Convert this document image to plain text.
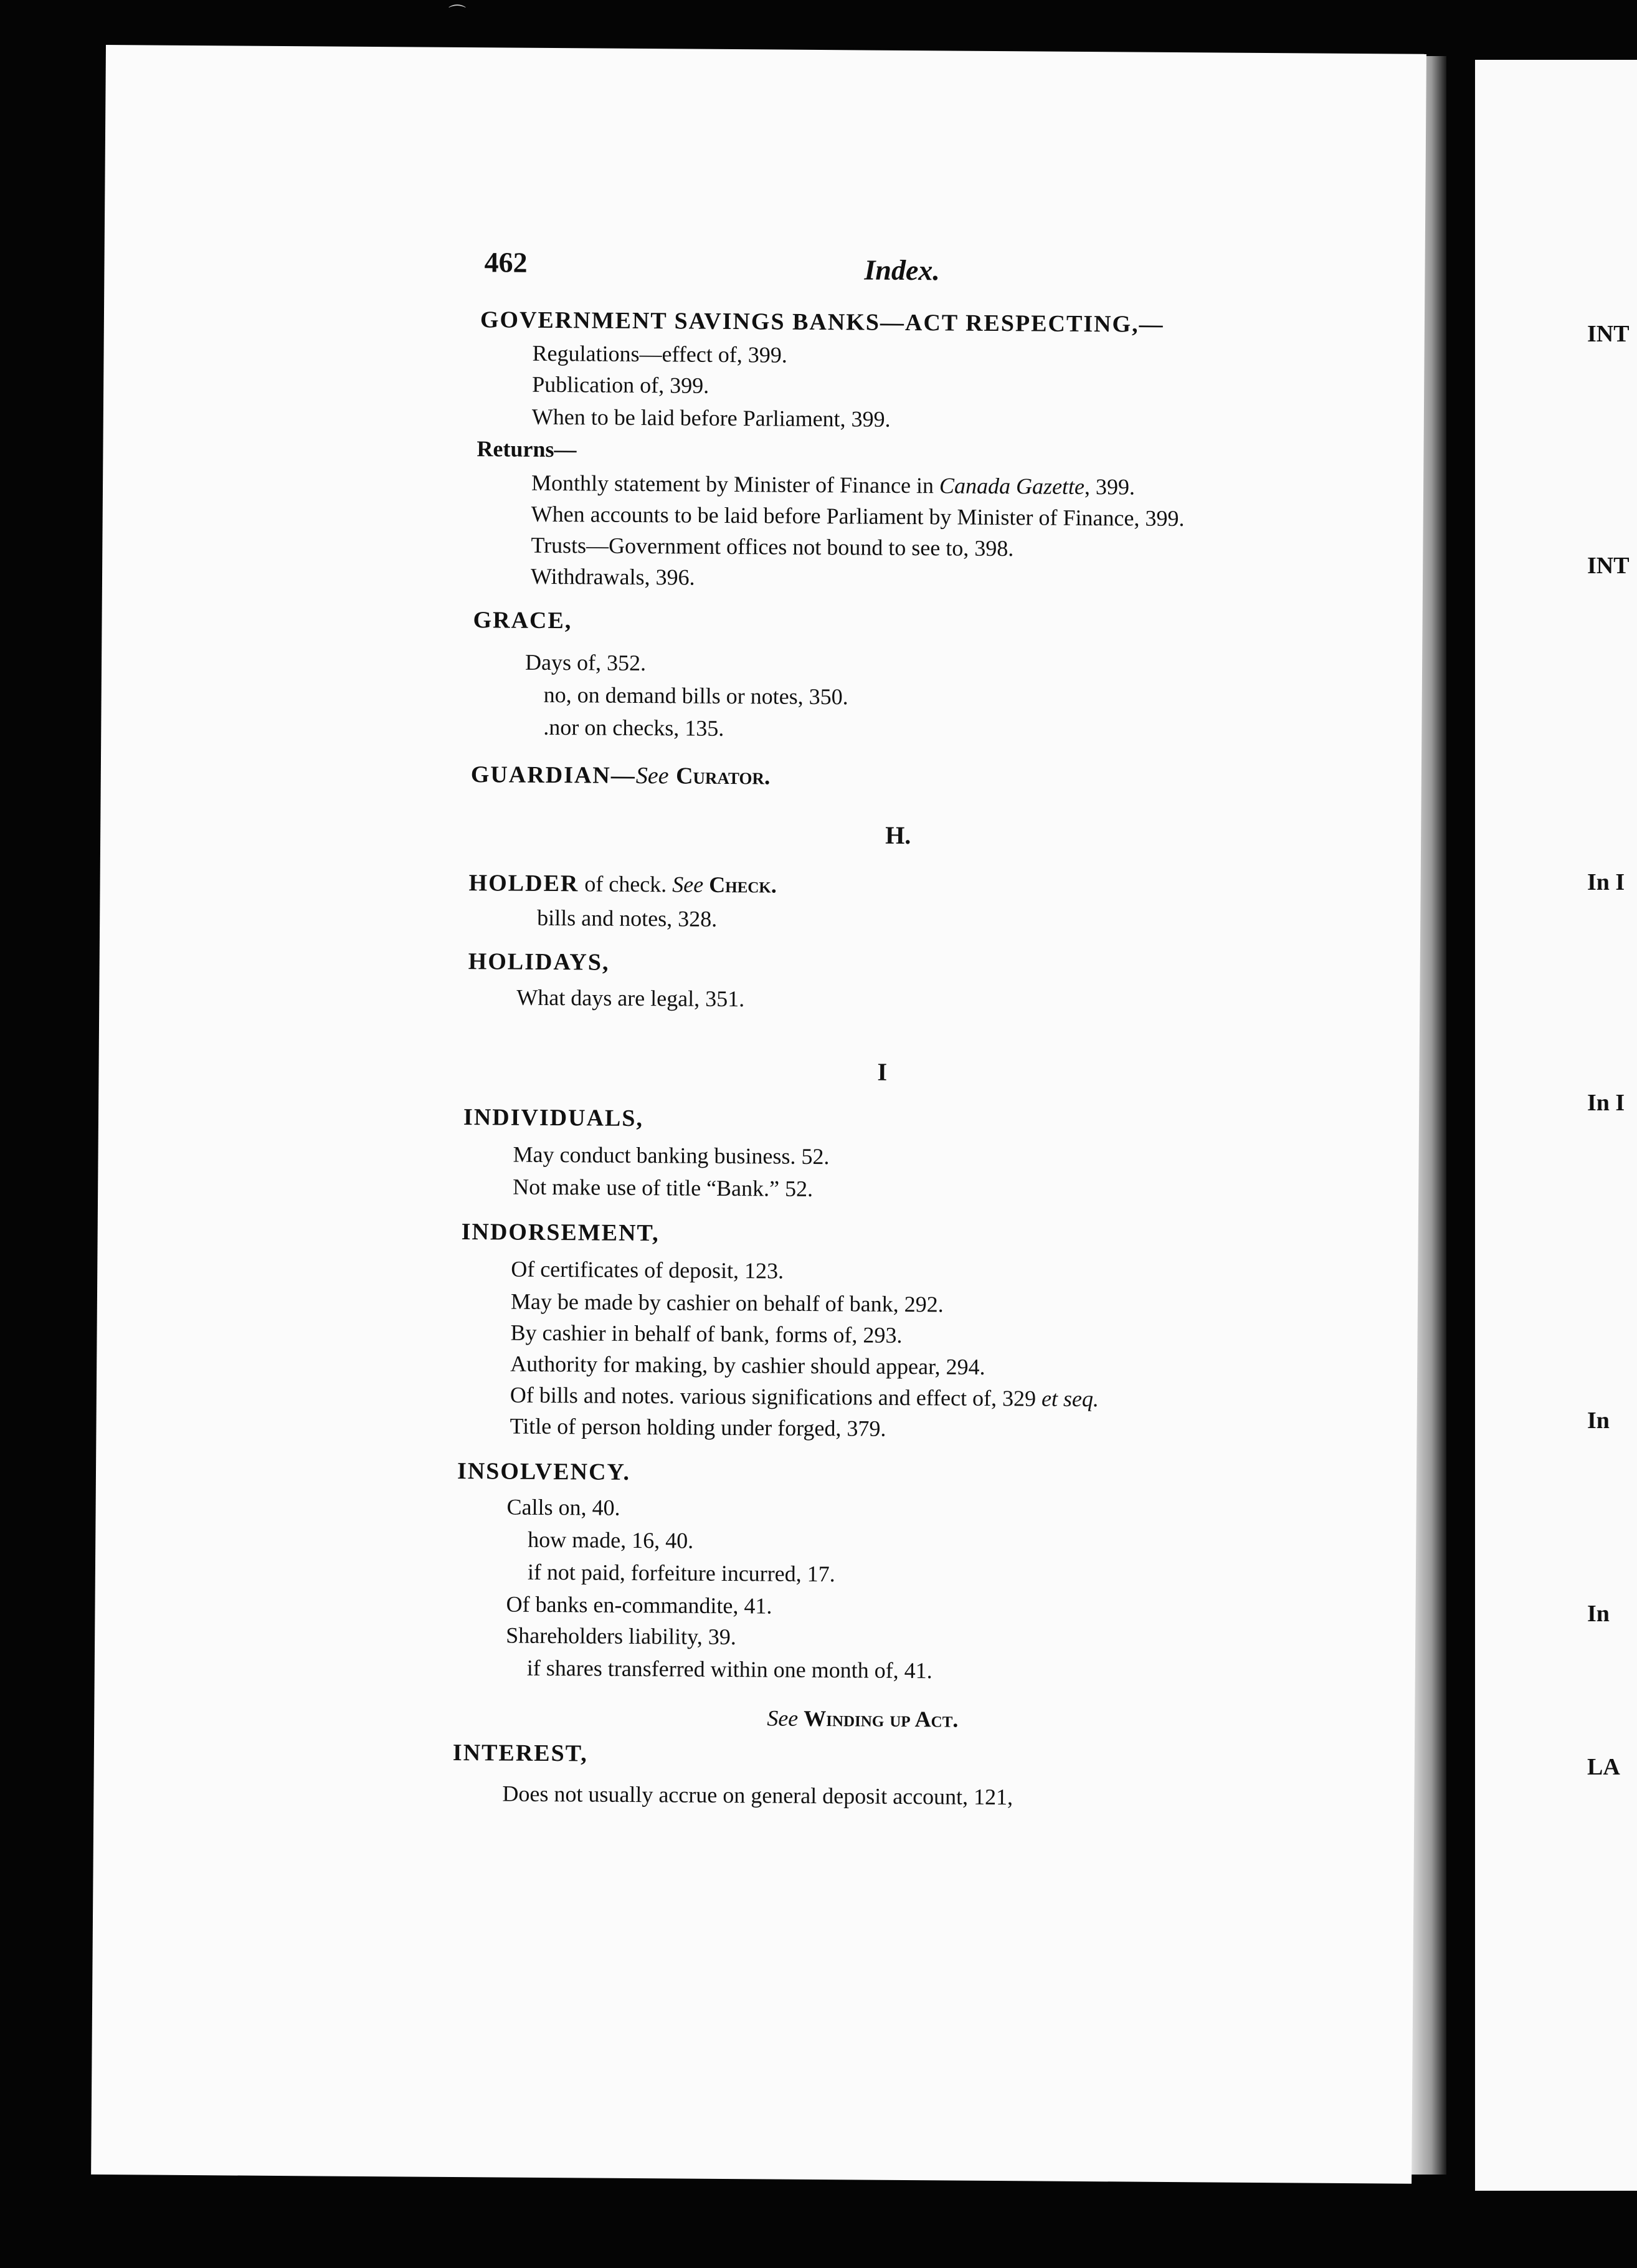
⌒
INT
INT
In I
In I
In
In
LA
462	Index.
GOVERNMENT SAVINGS BANKS—ACT RESPECTING,—
Regulations—effect of, 399.
Publication of, 399.
When to be laid before Parliament, 399.
Returns—
Monthly statement by Minister of Finance in Canada Gazette, 399.
When accounts to be laid before Parliament by Minister of Finance, 399.
Trusts—Government offices not bound to see to, 398.
Withdrawals, 396.
GRACE,
Days of, 352.
no, on demand bills or notes, 350.
.nor on checks, 135.
GUARDIAN—See Curator.
H.
HOLDER of check. See Check.
bills and notes, 328.
HOLIDAYS,
What days are legal, 351.
I
INDIVIDUALS,
May conduct banking business. 52.
Not make use of title “Bank.” 52.
INDORSEMENT,
Of certificates of deposit, 123.
May be made by cashier on behalf of bank, 292.
By cashier in behalf of bank, forms of, 293.
Authority for making, by cashier should appear, 294.
Of bills and notes. various significations and effect of, 329 et seq.
Title of person holding under forged, 379.
INSOLVENCY.
Calls on, 40.
how made, 16, 40.
if not paid, forfeiture incurred, 17.
Of banks en-commandite, 41.
Shareholders liability, 39.
if shares transferred within one month of, 41.
See Winding up Act.
INTEREST,
Does not usually accrue on general deposit account, 121,
